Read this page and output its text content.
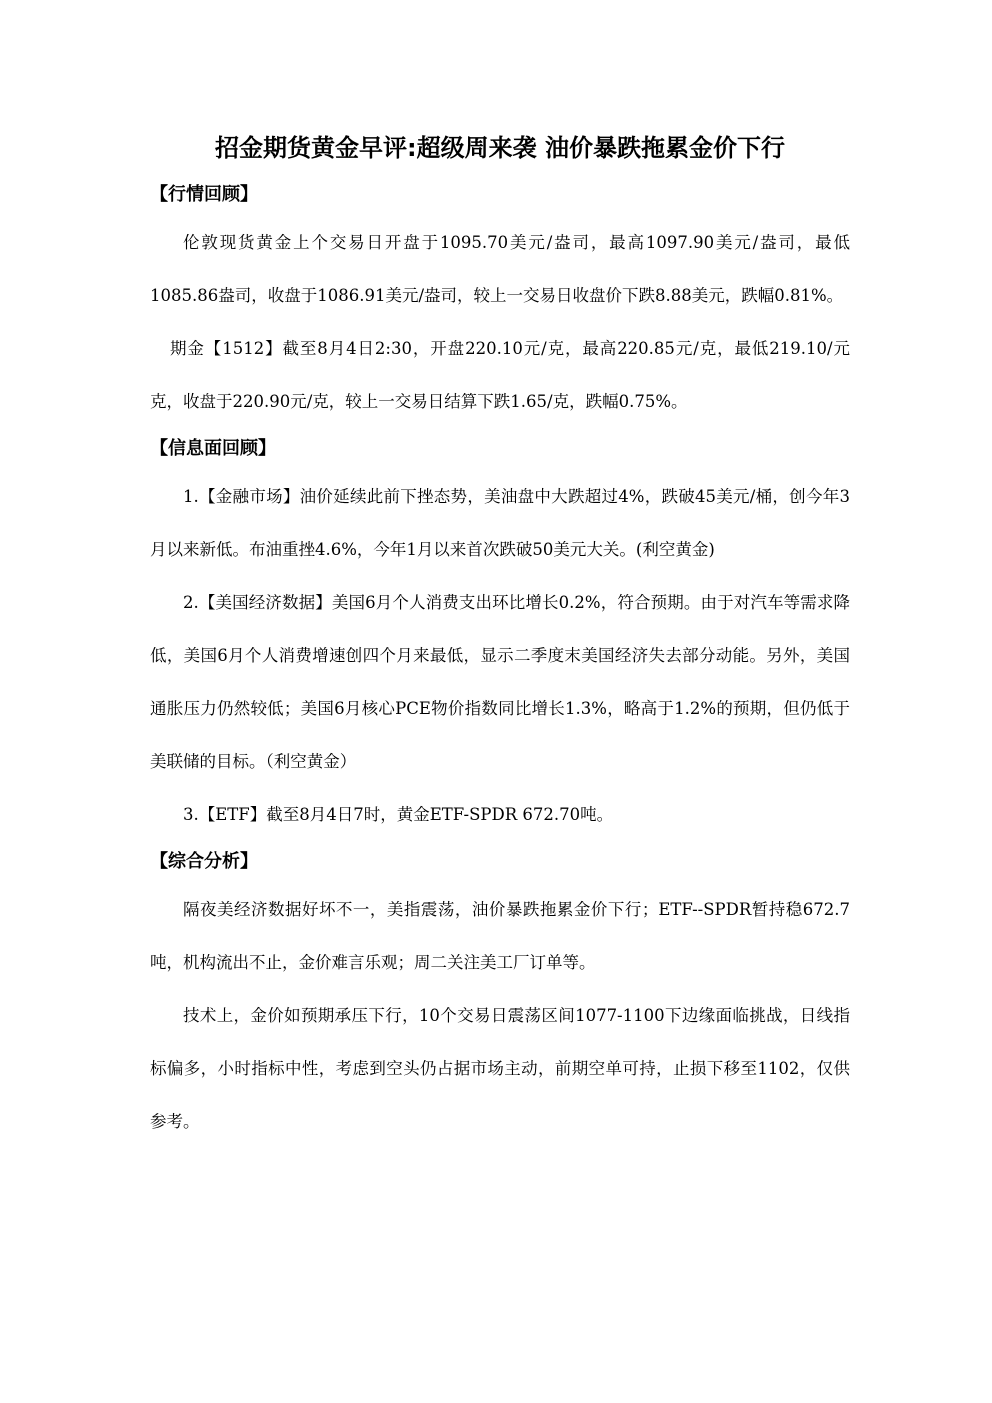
招金期货黄金早评:超级周来袭 油价暴跌拖累金价下行
【行情回顾】

伦敦现货黄金上个交易日开盘于1095.70美元/盎司，最高1097.90美元/盎司，最低1085.86盎司，收盘于1086.91美元/盎司，较上一交易日收盘价下跌8.88美元，跌幅0.81%。

期金【1512】截至8月4日2:30，开盘220.10元/克，最高220.85元/克，最低219.10/元克，收盘于220.90元/克，较上一交易日结算下跌1.65/克，跌幅0.75%。

【信息面回顾】

1.【金融市场】油价延续此前下挫态势，美油盘中大跌超过4%，跌破45美元/桶，创今年3月以来新低。布油重挫4.6%，今年1月以来首次跌破50美元大关。(利空黄金)

2.【美国经济数据】美国6月个人消费支出环比增长0.2%，符合预期。由于对汽车等需求降低，美国6月个人消费增速创四个月来最低，显示二季度末美国经济失去部分动能。另外，美国通胀压力仍然较低；美国6月核心PCE物价指数同比增长1.3%，略高于1.2%的预期，但仍低于美联储的目标。（利空黄金）

3.【ETF】截至8月4日7时，黄金ETF-SPDR 672.70吨。

【综合分析】

隔夜美经济数据好坏不一，美指震荡，油价暴跌拖累金价下行；ETF--SPDR暂持稳672.7吨，机构流出不止，金价难言乐观；周二关注美工厂订单等。

技术上，金价如预期承压下行，10个交易日震荡区间1077-1100下边缘面临挑战，日线指标偏多，小时指标中性，考虑到空头仍占据市场主动，前期空单可持，止损下移至1102，仅供参考。
